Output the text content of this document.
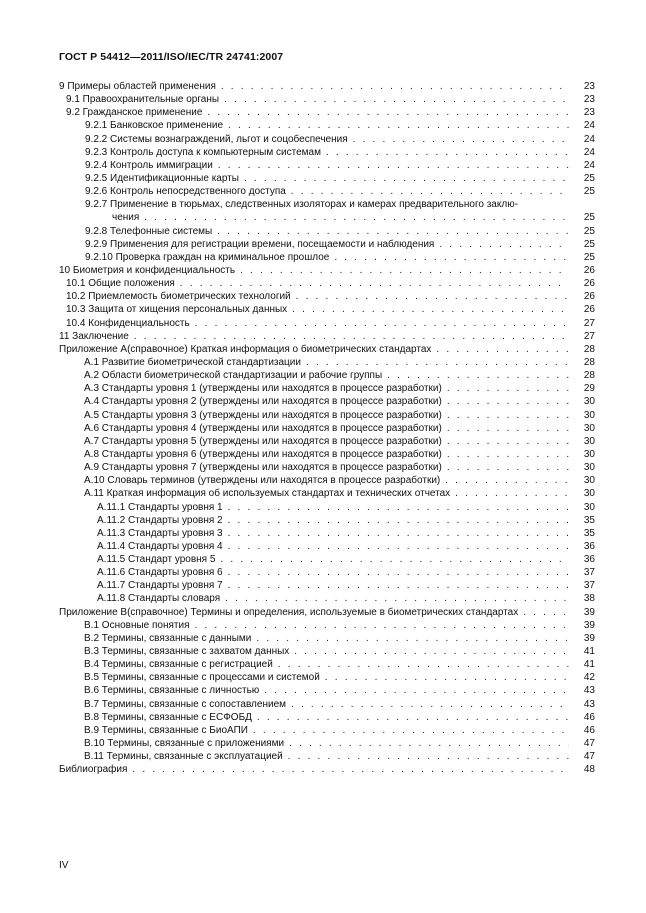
ГОСТ Р 54412—2011/ISO/IEC/TR 24741:2007
9 Примеры областей применения . . .	23
9.1 Правоохранительные органы . . .	23
9.2 Гражданское применение . . .	23
9.2.1 Банковское применение . . .	24
9.2.2 Системы вознаграждений, льгот и соцобеспечения . . .	24
9.2.3 Контроль доступа к компьютерным системам . . .	24
9.2.4 Контроль иммиграции . . .	24
9.2.5 Идентификационные карты . . .	25
9.2.6 Контроль непосредственного доступа . . .	25
9.2.7 Применение в тюрьмах, следственных изоляторах и камерах предварительного заклю-
чения . . .	25
9.2.8 Телефонные системы . . .	25
9.2.9 Применения для регистрации времени, посещаемости и наблюдения . . .	25
9.2.10 Проверка граждан на криминальное прошлое . . .	25
10 Биометрия и конфиденциальность . . .	26
10.1 Общие положения . . .	26
10.2 Приемлемость биометрических технологий . . .	26
10.3 Защита от хищения персональных данных . . .	26
10.4 Конфиденциальность . . .	27
11 Заключение . . .	27
Приложение А(справочное) Краткая информация о биометрических стандартах . . .	28
А.1 Развитие биометрической стандартизации . . .	28
А.2 Области биометрической стандартизации и рабочие группы . . .	28
А.3 Стандарты уровня 1 (утверждены или находятся в процессе разработки) . . .	29
А.4 Стандарты уровня 2 (утверждены или находятся в процессе разработки) . . .	30
А.5 Стандарты уровня 3 (утверждены или находятся в процессе разработки) . . .	30
А.6 Стандарты уровня 4 (утверждены или находятся в процессе разработки) . . .	30
А.7 Стандарты уровня 5 (утверждены или находятся в процессе разработки) . . .	30
А.8 Стандарты уровня 6 (утверждены или находятся в процессе разработки) . . .	30
А.9 Стандарты уровня 7 (утверждены или находятся в процессе разработки) . . .	30
А.10 Словарь терминов (утверждены или находятся в процессе разработки) . . .	30
А.11 Краткая информация об используемых стандартах и технических отчетах . . .	30
А.11.1 Стандарты уровня 1 . . .	30
А.11.2 Стандарты уровня 2 . . .	35
А.11.3 Стандарты уровня 3 . . .	35
А.11.4 Стандарты уровня 4 . . .	36
А.11.5 Стандарт уровня 5 . . .	36
А.11.6 Стандарты уровня 6 . . .	37
А.11.7 Стандарты уровня 7 . . .	37
А.11.8 Стандарты словаря . . .	38
Приложение В(справочное) Термины и определения, используемые в биометрических стандартах . . .	39
В.1 Основные понятия . . .	39
В.2 Термины, связанные с данными . . .	39
В.3 Термины, связанные с захватом данных . . .	41
В.4 Термины, связанные с регистрацией . . .	41
В.5 Термины, связанные с процессами и системой . . .	42
В.6 Термины, связанные с личностью . . .	43
В.7 Термины, связанные с сопоставлением . . .	43
В.8 Термины, связанные с ЕСФОБД . . .	46
В.9 Термины, связанные с БиоАПИ . . .	46
В.10 Термины, связанные с приложениями . . .	47
В.11 Термины, связанные с эксплуатацией . . .	47
Библиография . . .	48
IV
